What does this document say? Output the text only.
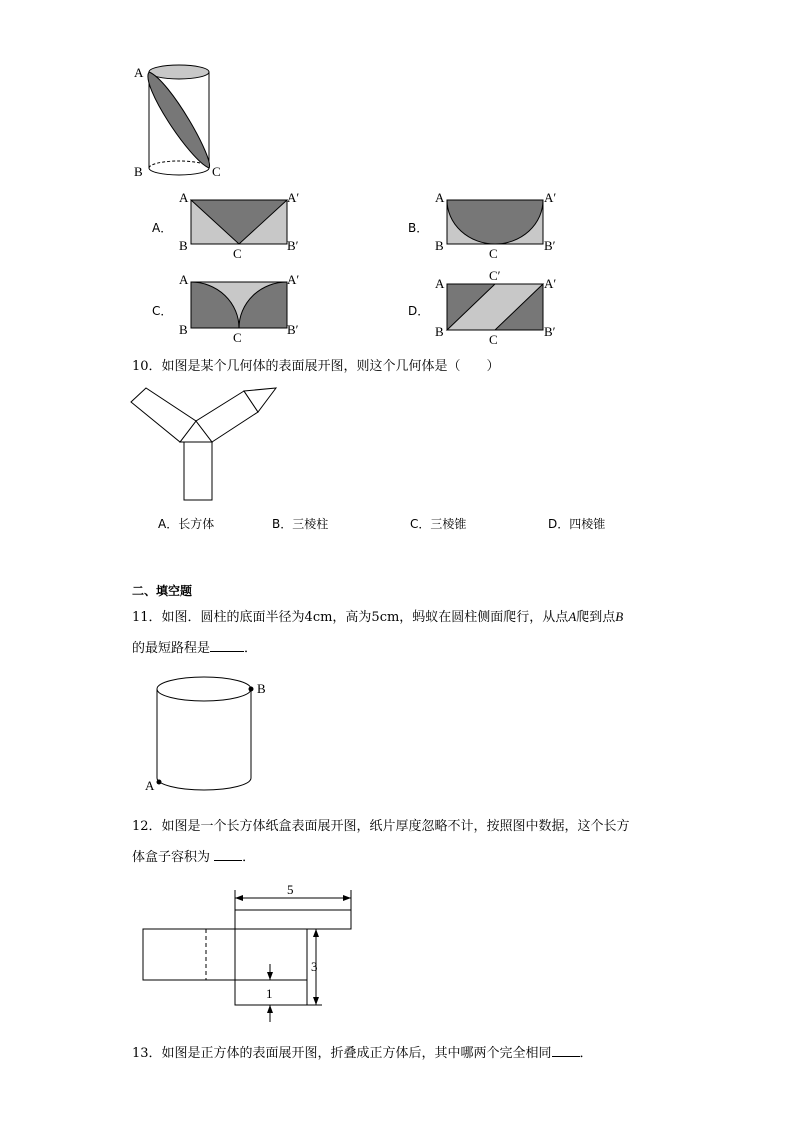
A
B	C
A．
A	A′
B	B′
C
B．
A	A′
B	B′
C
C．
A	A′
B	B′
C
D．
C′
A	A′
B	B′
C
10．如图是某个几何体的表面展开图，则这个几何体是（　　）
A．长方体	B．三棱柱	C．三棱锥	D．四棱锥
二、填空题
11．如图．圆柱的底面半径为4cm，高为5cm，蚂蚁在圆柱侧面爬行，从点A爬到点B
的最短路程是	．
B
A
12．如图是一个长方体纸盒表面展开图，纸片厚度忽略不计，按照图中数据，这个长方
体盒子容积为 ．
5
3
1
13．如图是正方体的表面展开图，折叠成正方体后，其中哪两个完全相同 ．
